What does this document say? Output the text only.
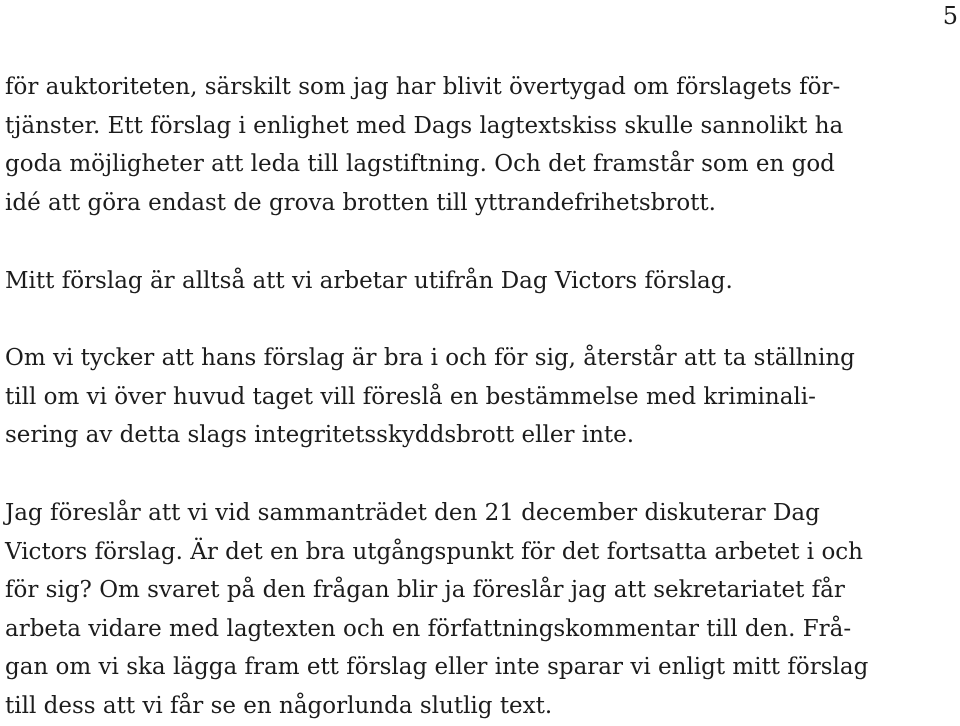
5
för auktoriteten, särskilt som jag har blivit övertygad om förslagets för-
tjänster. Ett förslag i enlighet med Dags lagtextskiss skulle sannolikt ha
goda möjligheter att leda till lagstiftning. Och det framstår som en god
idé att göra endast de grova brotten till yttrandefrihetsbrott.
Mitt förslag är alltså att vi arbetar utifrån Dag Victors förslag.
Om vi tycker att hans förslag är bra i och för sig, återstår att ta ställning
till om vi över huvud taget vill föreslå en bestämmelse med kriminali-
sering av detta slags integritetsskyddsbrott eller inte.
Jag föreslår att vi vid sammanträdet den 21 december diskuterar Dag
Victors förslag. Är det en bra utgångspunkt för det fortsatta arbetet i och
för sig? Om svaret på den frågan blir ja föreslår jag att sekretariatet får
arbeta vidare med lagtexten och en författningskommentar till den. Frå-
gan om vi ska lägga fram ett förslag eller inte sparar vi enligt mitt förslag
till dess att vi får se en någorlunda slutlig text.
